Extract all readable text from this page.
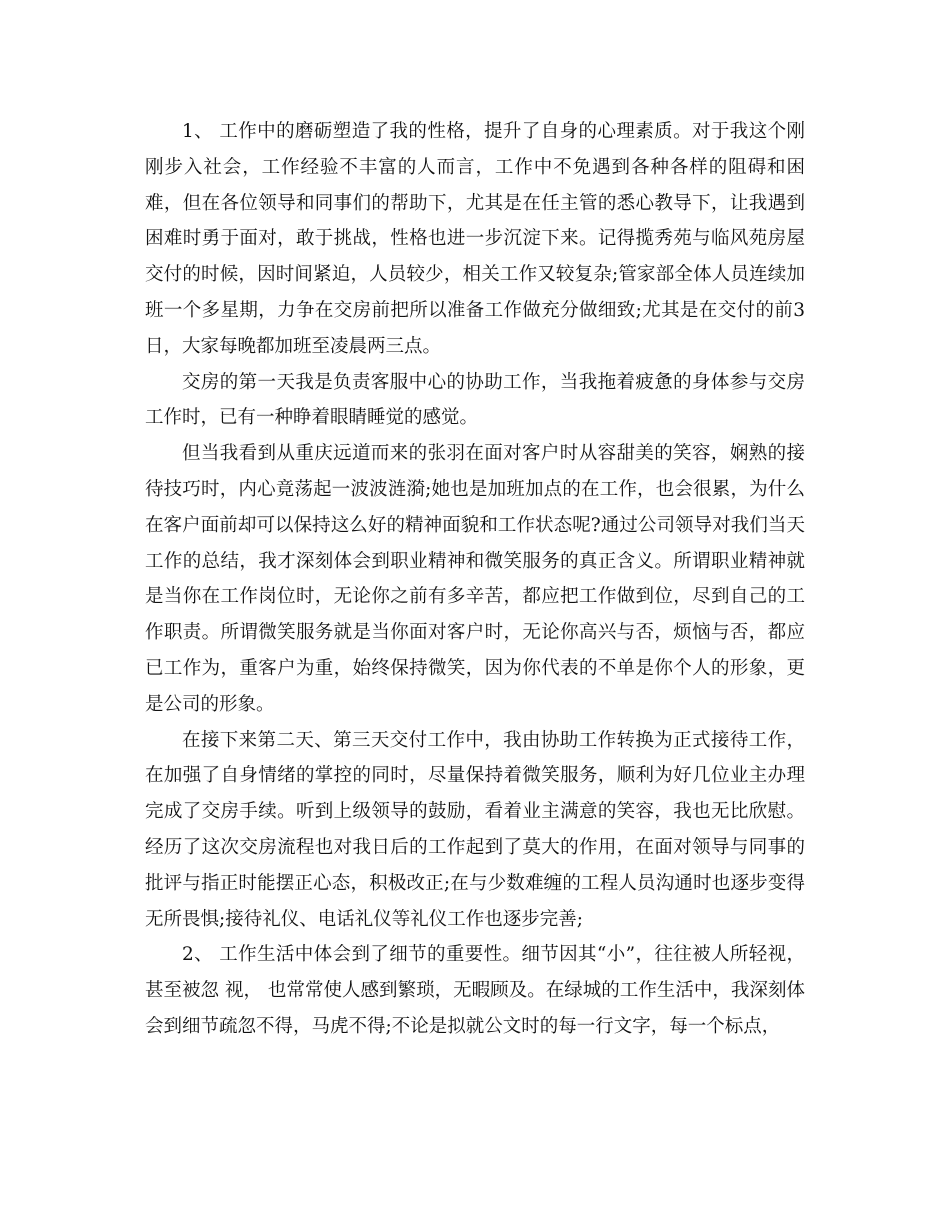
1、 工作中的磨砺塑造了我的性格，提升了自身的心理素质。对于我这个刚刚步入社会，工作经验不丰富的人而言，工作中不免遇到各种各样的阻碍和困难，但在各位领导和同事们的帮助下，尤其是在任主管的悉心教导下，让我遇到困难时勇于面对，敢于挑战，性格也进一步沉淀下来。记得揽秀苑与临风苑房屋交付的时候，因时间紧迫，人员较少，相关工作又较复杂;管家部全体人员连续加班一个多星期，力争在交房前把所以准备工作做充分做细致;尤其是在交付的前3日，大家每晚都加班至凌晨两三点。

交房的第一天我是负责客服中心的协助工作，当我拖着疲惫的身体参与交房工作时，已有一种睁着眼睛睡觉的感觉。

但当我看到从重庆远道而来的张羽在面对客户时从容甜美的笑容，娴熟的接待技巧时，内心竟荡起一波波涟漪;她也是加班加点的在工作，也会很累，为什么在客户面前却可以保持这么好的精神面貌和工作状态呢?通过公司领导对我们当天工作的总结，我才深刻体会到职业精神和微笑服务的真正含义。所谓职业精神就是当你在工作岗位时，无论你之前有多辛苦，都应把工作做到位，尽到自己的工作职责。所谓微笑服务就是当你面对客户时，无论你高兴与否，烦恼与否，都应已工作为，重客户为重，始终保持微笑，因为你代表的不单是你个人的形象，更是公司的形象。

在接下来第二天、第三天交付工作中，我由协助工作转换为正式接待工作，在加强了自身情绪的掌控的同时，尽量保持着微笑服务，顺利为好几位业主办理完成了交房手续。听到上级领导的鼓励，看着业主满意的笑容，我也无比欣慰。经历了这次交房流程也对我日后的工作起到了莫大的作用，在面对领导与同事的批评与指正时能摆正心态，积极改正;在与少数难缠的工程人员沟通时也逐步变得无所畏惧;接待礼仪、电话礼仪等礼仪工作也逐步完善;

2、 工作生活中体会到了细节的重要性。细节因其“小”，往往被人所轻视，甚至被忽 视， 也常常使人感到繁琐，无暇顾及。在绿城的工作生活中，我深刻体会到细节疏忽不得，马虎不得;不论是拟就公文时的每一行文字，每一个标点，
